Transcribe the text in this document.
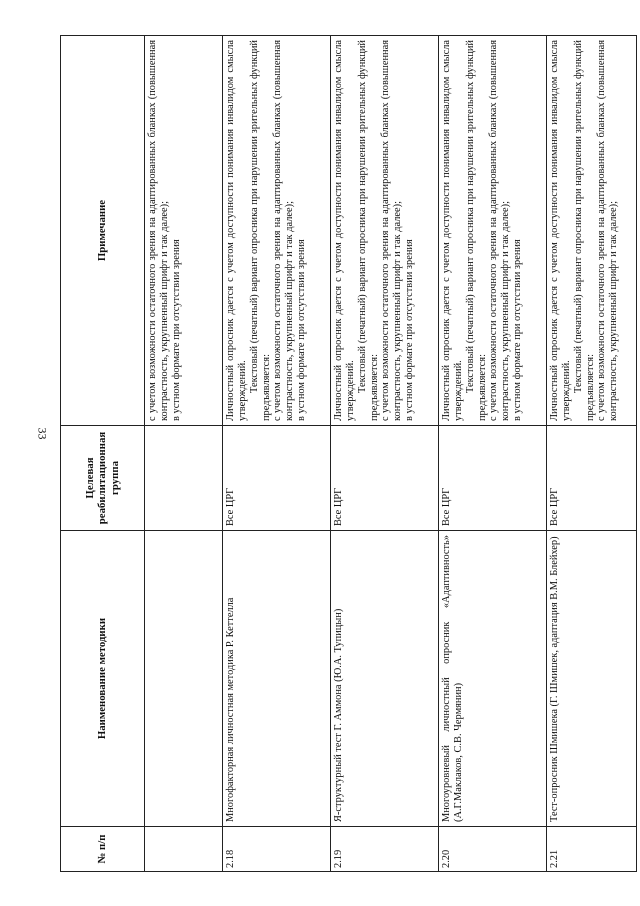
33
№ п/п	Наименование методики	Целевая реабилитационная группа	Примечание

			с учетом возможности остаточного зрения на адаптированных бланках (повышенная контрастность, укрупненный шрифт и так далее); в устном формате при отсутствии зрения

2.18	Многофакторная личностная методика Р. Кеттелла	Все ЦРГ	Личностный опросник дается с учетом доступности понимания инвалидом смысла утверждений. Текстовый (печатный) вариант опросника при нарушении зрительных функций предъявляется: с учетом возможности остаточного зрения на адаптированных бланках (повышенная контрастность, укрупненный шрифт и так далее); в устном формате при отсутствии зрения

2.19	Я-структурный тест Г. Аммона (Ю.А. Тупицын)	Все ЦРГ	Личностный опросник дается с учетом доступности понимания инвалидом смысла утверждений. Текстовый (печатный) вариант опросника при нарушении зрительных функций предъявляется: с учетом возможности остаточного зрения на адаптированных бланках (повышенная контрастность, укрупненный шрифт и так далее); в устном формате при отсутствии зрения

2.20	Многоуровневый личностный опросник «Адаптивность» (А.Г.Маклаков, С.В. Чермянин)	Все ЦРГ	Личностный опросник дается с учетом доступности понимания инвалидом смысла утверждений. Текстовый (печатный) вариант опросника при нарушении зрительных функций предъявляется: с учетом возможности остаточного зрения на адаптированных бланках (повышенная контрастность, укрупненный шрифт и так далее); в устном формате при отсутствии зрения

2.21	Тест-опросник Шмишека (Г. Шмишек, адаптация В.М. Блейхер)	Все ЦРГ	Личностный опросник дается с учетом доступности понимания инвалидом смысла утверждений. Текстовый (печатный) вариант опросника при нарушении зрительных функций предъявляется: с учетом возможности остаточного зрения на адаптированных бланках (повышенная контрастность, укрупненный шрифт и так далее);
